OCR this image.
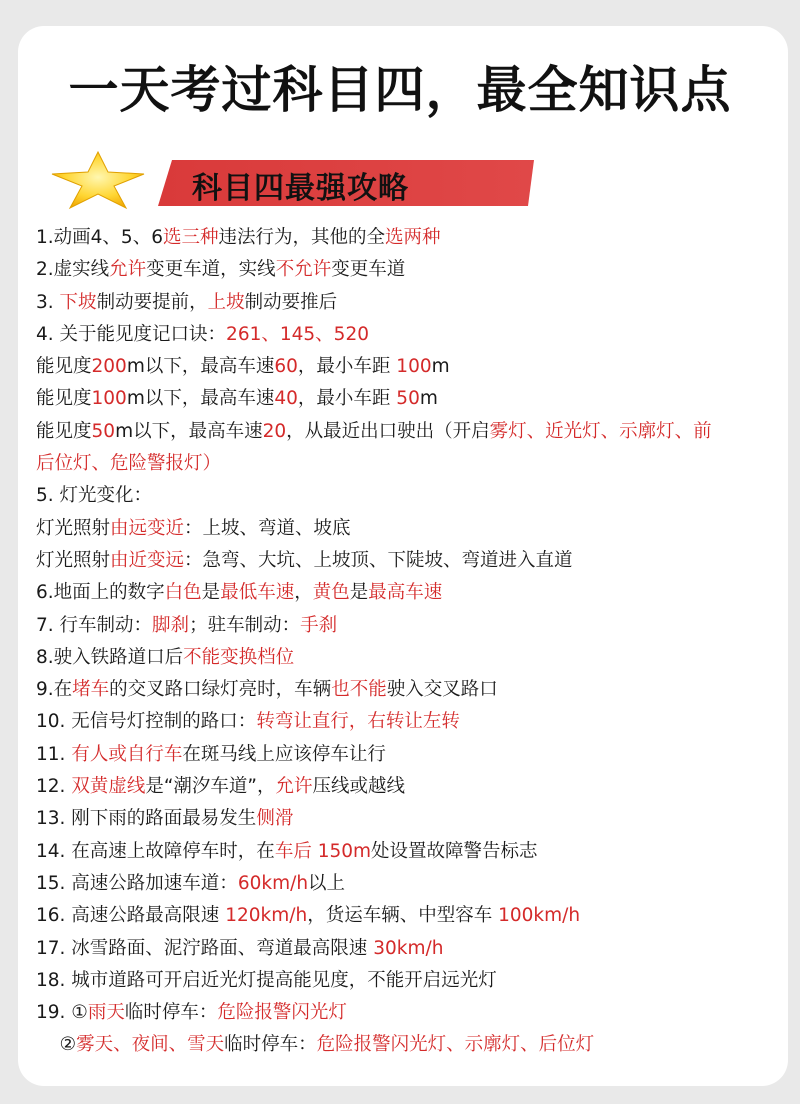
一天考过科目四，最全知识点
科目四最强攻略
1.动画4、5、6选三种违法行为，其他的全选两种
2.虚实线允许变更车道，实线不允许变更车道
3. 下坡制动要提前，上坡制动要推后
4. 关于能见度记口诀：261、145、520
能见度200m以下，最高车速60，最小车距 100m
能见度100m以下，最高车速40，最小车距 50m
能见度50m以下，最高车速20，从最近出口驶出（开启雾灯、近光灯、示廓灯、前
后位灯、危险警报灯）
5. 灯光变化：
灯光照射由远变近：上坡、弯道、坡底
灯光照射由近变远：急弯、大坑、上坡顶、下陡坡、弯道进入直道
6.地面上的数字白色是最低车速，黄色是最高车速
7. 行车制动：脚刹；驻车制动：手刹
8.驶入铁路道口后不能变换档位
9.在堵车的交叉路口绿灯亮时，车辆也不能驶入交叉路口
10. 无信号灯控制的路口：转弯让直行，右转让左转
11. 有人或自行车在斑马线上应该停车让行
12. 双黄虚线是“潮汐车道”，允许压线或越线
13. 刚下雨的路面最易发生侧滑
14. 在高速上故障停车时，在车后 150m处设置故障警告标志
15. 高速公路加速车道：60km/h以上
16. 高速公路最高限速 120km/h，货运车辆、中型容车 100km/h
17. 冰雪路面、泥泞路面、弯道最高限速 30km/h
18. 城市道路可开启近光灯提高能见度，不能开启远光灯
19. ①雨天临时停车：危险报警闪光灯
②雾天、夜间、雪天临时停车：危险报警闪光灯、示廓灯、后位灯
